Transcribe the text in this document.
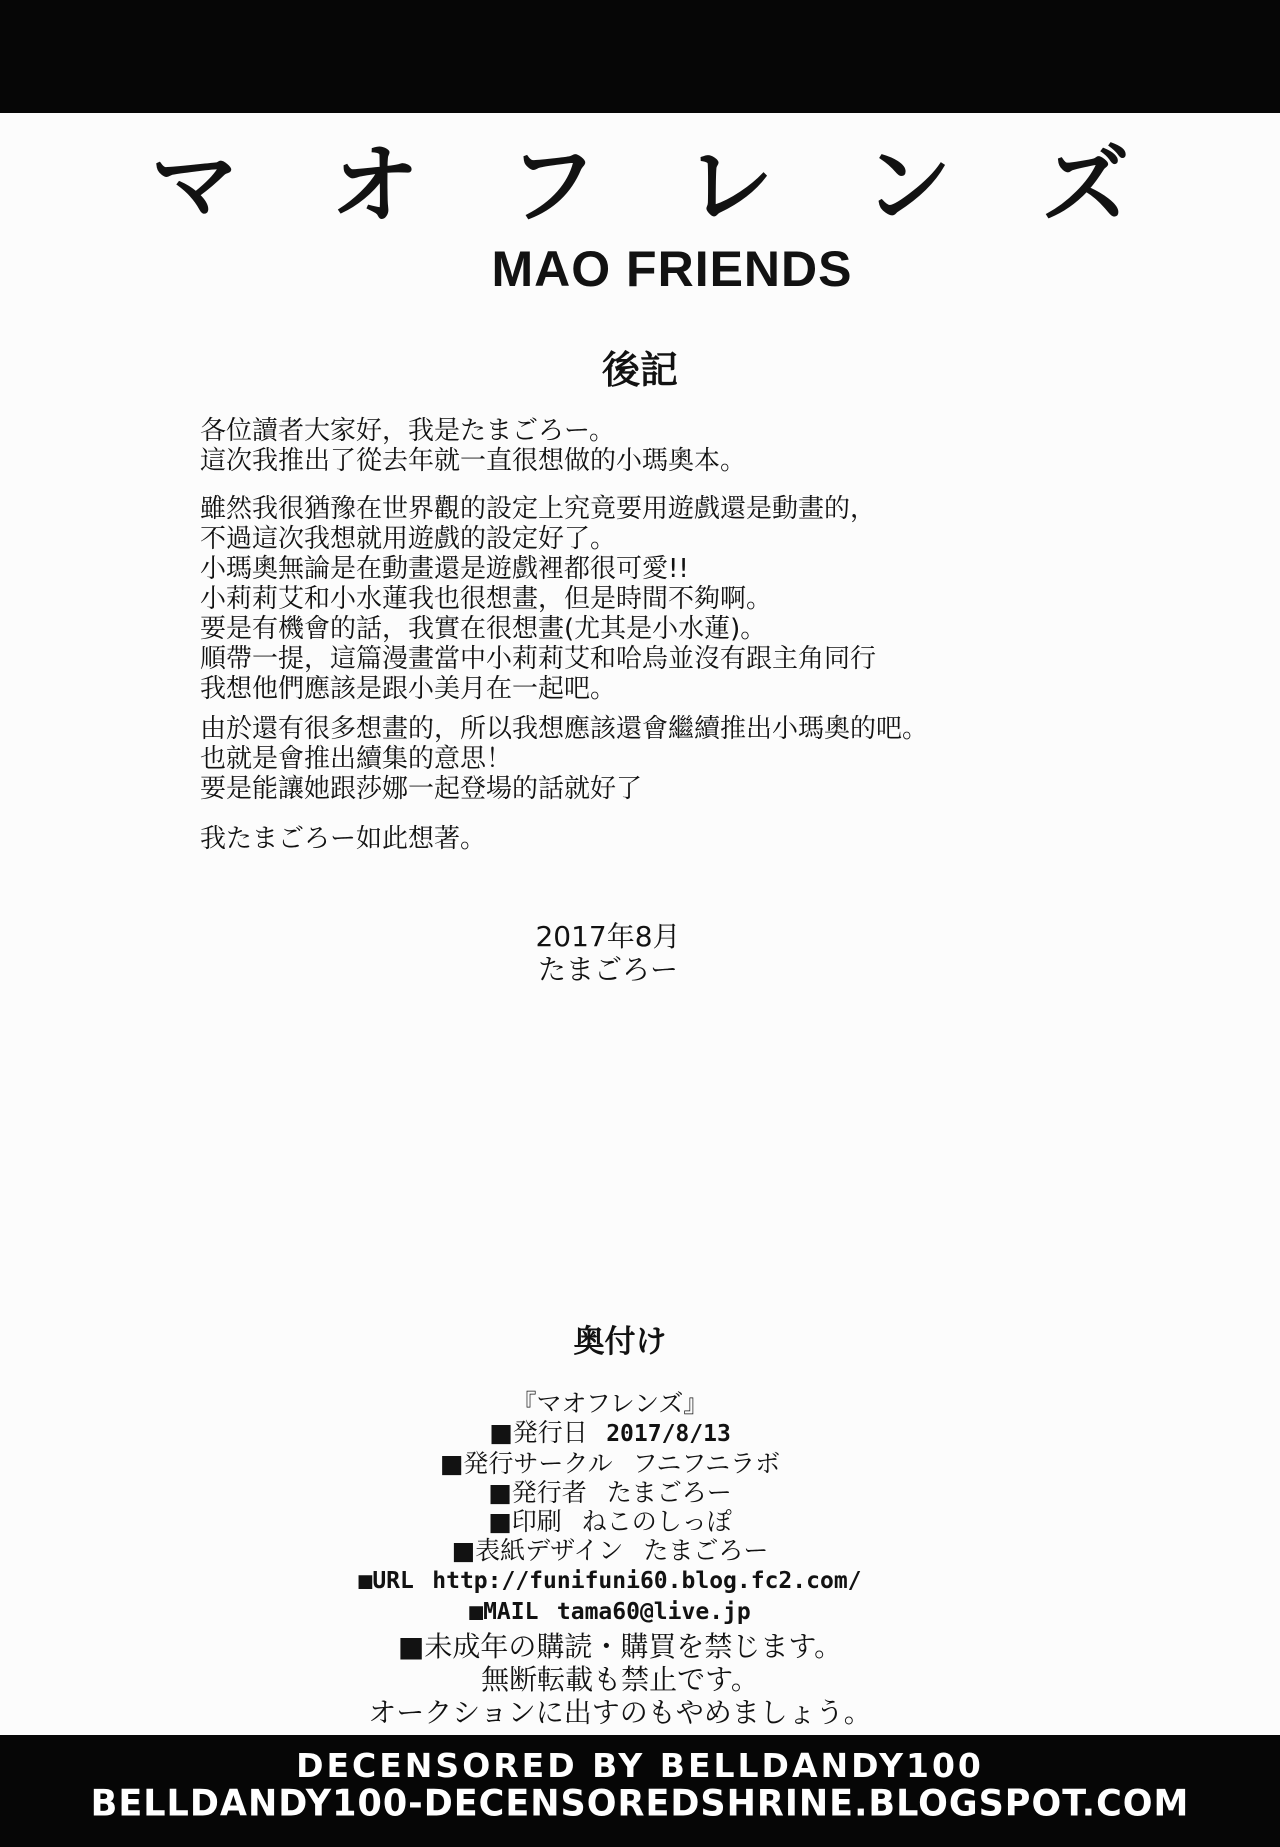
マオフレンズ
MAO FRIENDS
後記
各位讀者大家好，我是たまごろー。
這次我推出了從去年就一直很想做的小瑪奧本。
雖然我很猶豫在世界觀的設定上究竟要用遊戲還是動畫的，
不過這次我想就用遊戲的設定好了。
小瑪奧無論是在動畫還是遊戲裡都很可愛!!
小莉莉艾和小水蓮我也很想畫，但是時間不夠啊。
要是有機會的話，我實在很想畫(尤其是小水蓮)。
順帶一提，這篇漫畫當中小莉莉艾和哈烏並沒有跟主角同行
我想他們應該是跟小美月在一起吧。
由於還有很多想畫的，所以我想應該還會繼續推出小瑪奧的吧。
也就是會推出續集的意思！
要是能讓她跟莎娜一起登場的話就好了
我たまごろー如此想著。
2017年8月
たまごろー
奥付け
『マオフレンズ』
■発行日 2017/8/13
■発行サークル フニフニラボ
■発行者 たまごろー
■印刷 ねこのしっぽ
■表紙デザイン たまごろー
■URL http://funifuni60.blog.fc2.com/
■MAIL tama60@live.jp
■未成年の購読・購買を禁じます。
無断転載も禁止です。
オークションに出すのもやめましょう。
DECENSORED BY BELLDANDY100
BELLDANDY100-DECENSOREDSHRINE.BLOGSPOT.COM
